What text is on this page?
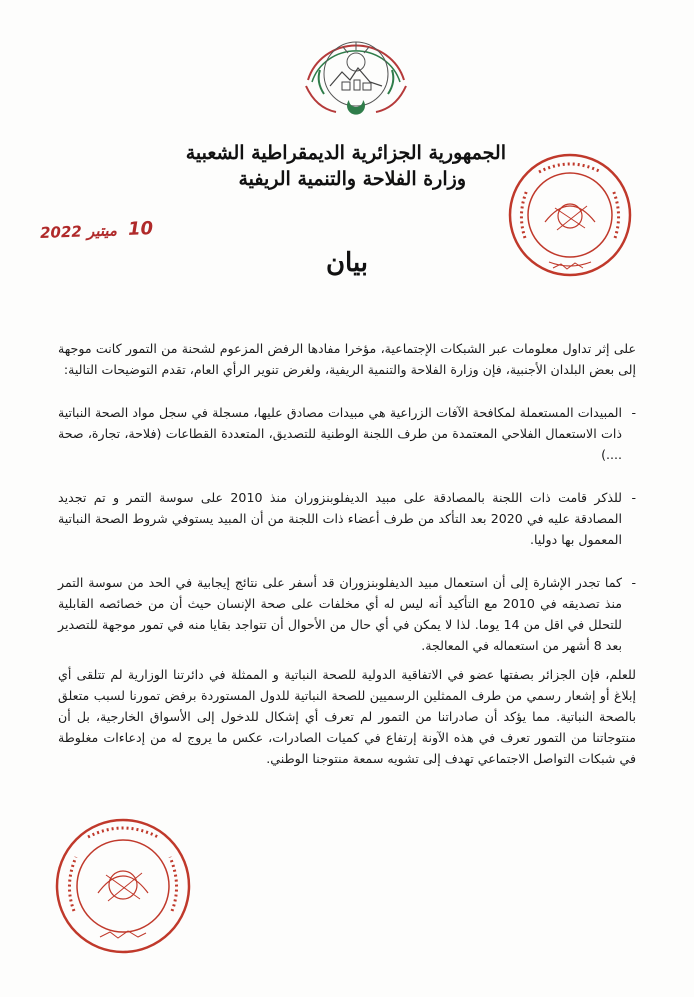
الجمهورية الجزائرية الديمقراطية الشعبية
وزارة الفلاحة والتنمية الريفية
10 ميتير 2022
بيان

على إثر تداول معلومات عبر الشبكات الإجتماعية، مؤخرا مفادها الرفض المزعوم لشحنة من التمور كانت موجهة إلى بعض البلدان الأجنبية، فإن وزارة الفلاحة والتنمية الريفية، ولغرض تنوير الرأي العام، تقدم التوضيحات التالية:

- المبيدات المستعملة لمكافحة الآفات الزراعية هي مبيدات مصادق عليها، مسجلة في سجل مواد الصحة النباتية ذات الاستعمال الفلاحي المعتمدة من طرف اللجنة الوطنية للتصديق، المتعددة القطاعات (فلاحة، تجارة، صحة ....)

- للذكر قامت ذات اللجنة بالمصادقة على مبيد الديفلوبنزوران منذ 2010 على سوسة التمر و تم تجديد المصادقة عليه في 2020 بعد التأكد من طرف أعضاء ذات اللجنة من أن المبيد يستوفي شروط الصحة النباتية المعمول بها دوليا.

- كما تجدر الإشارة إلى أن استعمال مبيد الديفلوبنزوران قد أسفر على نتائج إيجابية في الحد من سوسة التمر منذ تصديقه في 2010 مع التأكيد أنه ليس له أي مخلفات على صحة الإنسان حيث أن من خصائصه القابلية للتحلل في اقل من 14 يوما. لذا لا يمكن في أي حال من الأحوال أن تتواجد بقايا منه في تمور موجهة للتصدير بعد 8 أشهر من استعماله في المعالجة.

للعلم، فإن الجزائر بصفتها عضو في الاتفاقية الدولية للصحة النباتية و الممثلة في دائرتنا الوزارية لم تتلقى أي إبلاغ أو إشعار رسمي من طرف الممثلين الرسميين للصحة النباتية للدول المستوردة برفض تمورنا لسبب متعلق بالصحة النباتية. مما يؤكد أن صادراتنا من التمور لم تعرف أي إشكال للدخول إلى الأسواق الخارجية، بل أن منتوجاتنا من التمور تعرف في هذه الآونة إرتفاع في كميات الصادرات، عكس ما يروج له من إدعاءات مغلوطة في شبكات التواصل الاجتماعي تهدف إلى تشويه سمعة منتوجنا الوطني.
